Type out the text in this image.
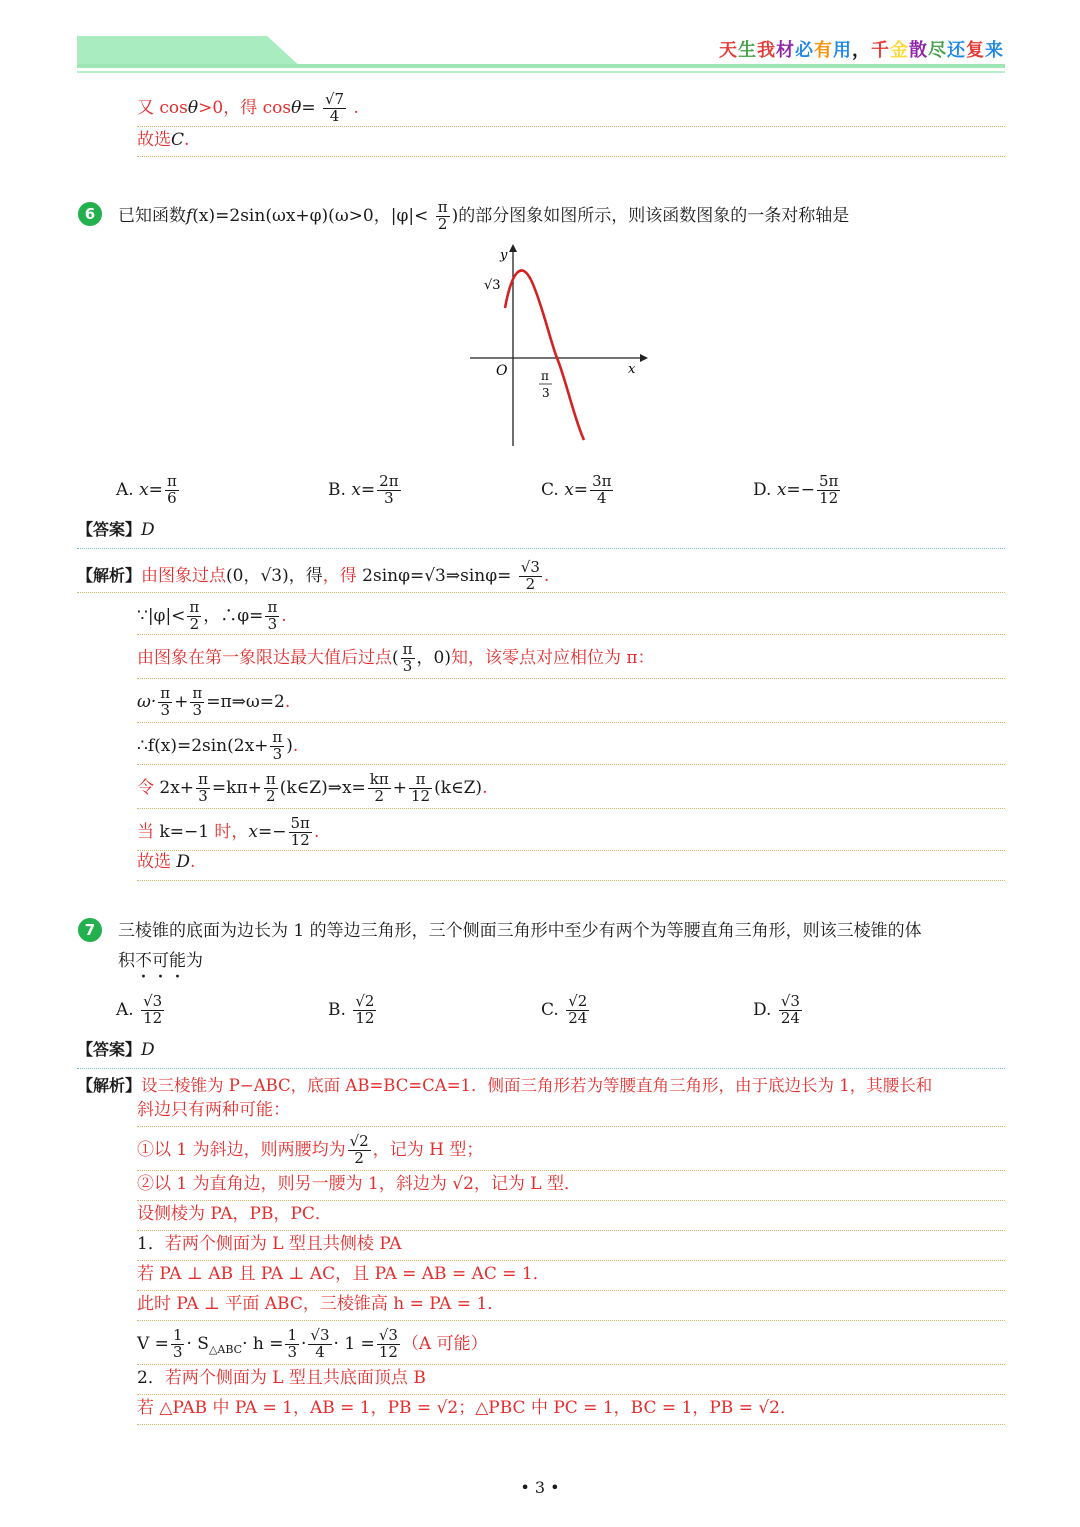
天生我材必有用，千金散尽还复来
又 cosθ>0，得 $\cos\theta= \frac{√7}{4}$ .
故选C.
6	已知函数f(x)=2sin(ωx+φ)(ω>0，$|\varphi|< \frac{\pi}{2}$ )的部分图象如图所示，则该函数图象的一条对称轴是
y
x
O
√3
π
3
A. $x= \frac{\pi}{6}$	B. $x= \frac{2\pi}{3}$	C. $x= \frac{3\pi}{4}$	D. $x=- \frac{5\pi}{12}$
【答案】D
【解析】由图象过点(0，√3)，得，得 2sinφ=√3⇒sinφ= $\frac{√3}{2}$ .
∵|φ|< $\frac{\pi}{2}$ ，∴φ= $\frac{\pi}{3}$ .
由图象在第一象限达最大值后过点( $\frac{\pi}{3}$ ，0)知，该零点对应相位为 π：
$\omega\cdot \frac{\pi}{3} + \frac{\pi}{3}$ =π⇒ω=2.
∴f(x)=2sin(2x+ $\frac{\pi}{3}$ ).
令 $2x+ \frac{\pi}{3} =k\pi+ \frac{\pi}{2}$ (k∈Z)⇒x= $\frac{k\pi}{2} + \frac{\pi}{12}$ (k∈Z).
当 k=−1 时，$x=- \frac{5\pi}{12}$ .
故选 D.
7	三棱锥的底面为边长为 1 的等边三角形，三个侧面三角形中至少有两个为等腰直角三角形，则该三棱锥的体
积不可能为
A. $\frac{√3}{12}$	B. $\frac{√2}{12}$	C. $\frac{√2}{24}$	D. $\frac{√3}{24}$
【答案】D
【解析】设三棱锥为 P−ABC，底面 AB=BC=CA=1．侧面三角形若为等腰直角三角形，由于底边长为 1，其腰长和
斜边只有两种可能：
①以 1 为斜边，则两腰均为 $\frac{√2}{2}$ ，记为 H 型；
②以 1 为直角边，则另一腰为 1，斜边为 √2，记为 L 型．
设侧棱为 PA，PB，PC．
1．若两个侧面为 L 型且共侧棱 PA
若 PA ⊥ AB 且 PA ⊥ AC，且 PA = AB = AC = 1．
此时 PA ⊥ 平面 ABC，三棱锥高 h = PA = 1．
$V = \frac{1}{3} \cdot S_{\triangle ABC}\cdot h = \frac{1}{3} \cdot \frac{√3}{4} \cdot 1 = \frac{√3}{12} (A$ 可能）
2．若两个侧面为 L 型且共底面顶点 B
若 △PAB 中 PA = 1，AB = 1，PB = √2；△PBC 中 PC = 1，BC = 1，PB = √2．
• 3 •
